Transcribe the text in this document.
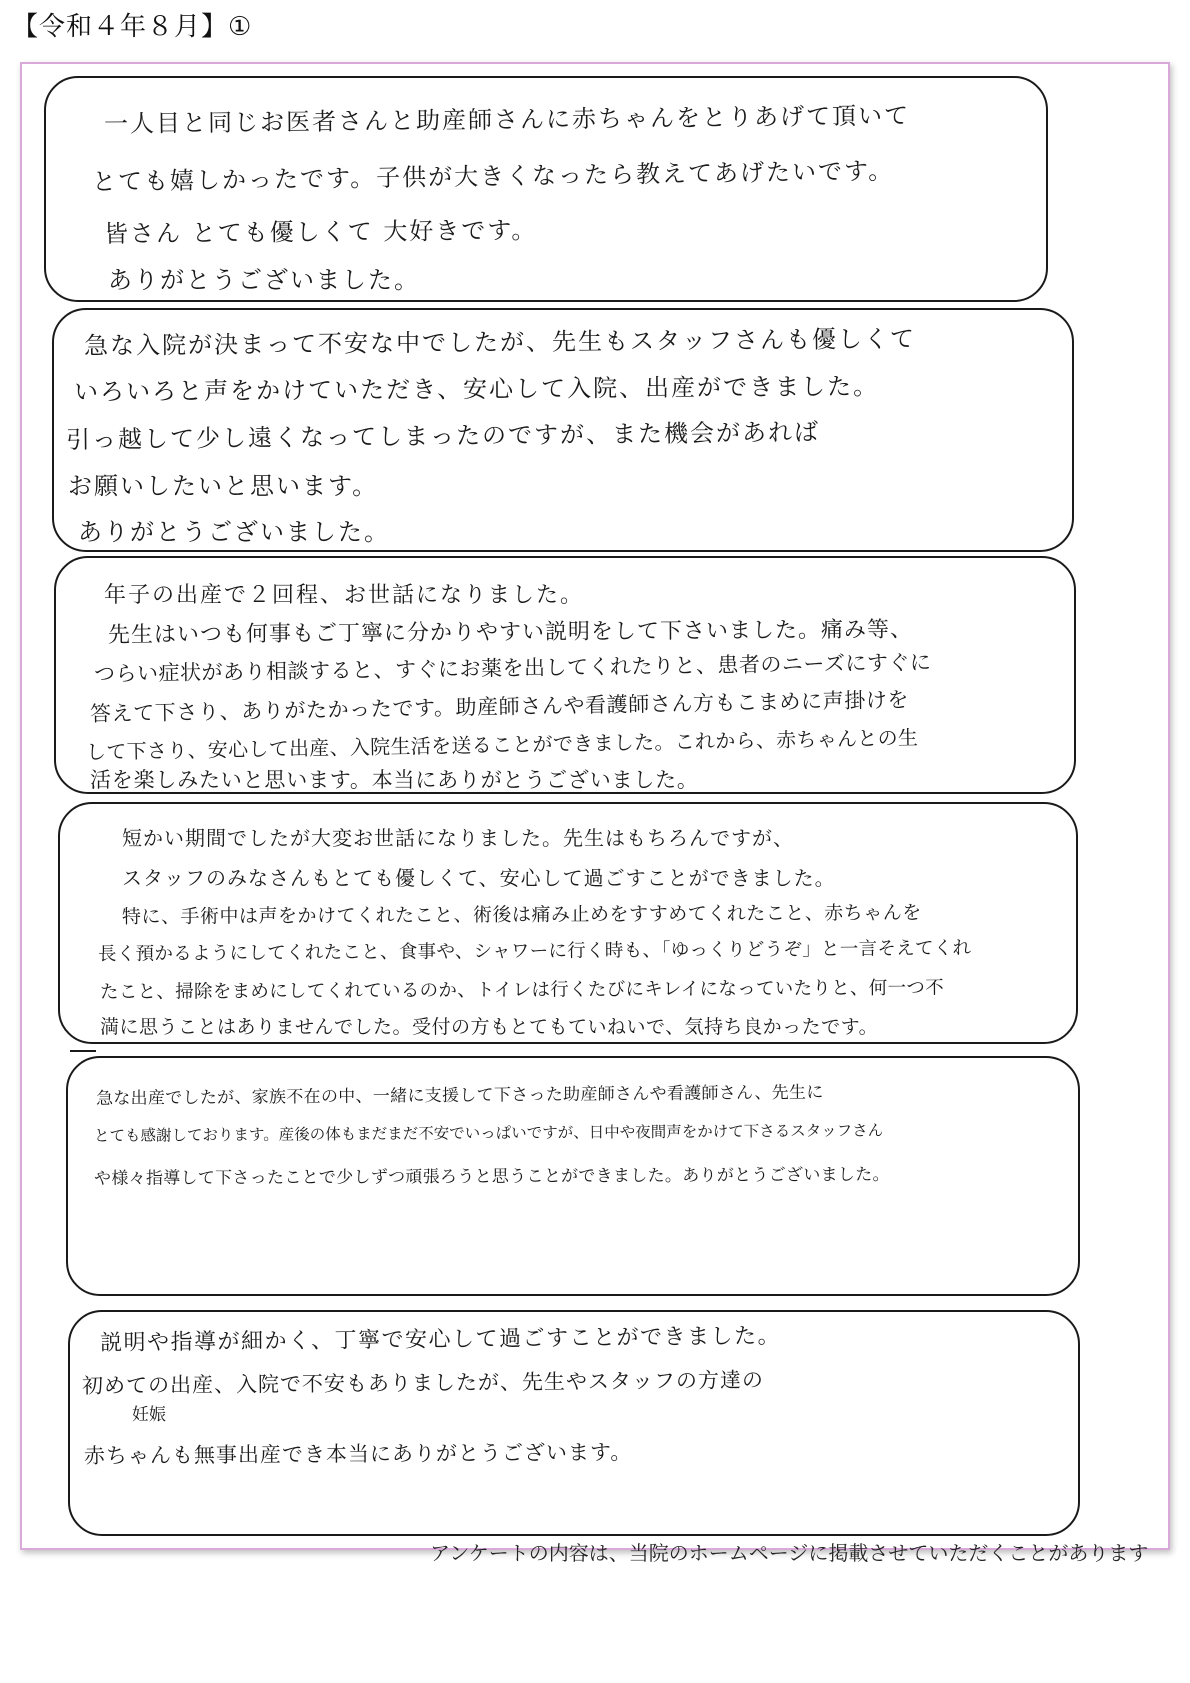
【令和４年８月】①
一人目と同じお医者さんと助産師さんに赤ちゃんをとりあげて頂いて
とても嬉しかったです。子供が大きくなったら教えてあげたいです。
皆さん とても優しくて 大好きです。
ありがとうございました。
急な入院が決まって不安な中でしたが、先生もスタッフさんも優しくて
いろいろと声をかけていただき、安心して入院、出産ができました。
引っ越して少し遠くなってしまったのですが、また機会があれば
お願いしたいと思います。
ありがとうございました。
年子の出産で２回程、お世話になりました。
先生はいつも何事もご丁寧に分かりやすい説明をして下さいました。痛み等、
つらい症状があり相談すると、すぐにお薬を出してくれたりと、患者のニーズにすぐに
答えて下さり、ありがたかったです。助産師さんや看護師さん方もこまめに声掛けを
して下さり、安心して出産、入院生活を送ることができました。これから、赤ちゃんとの生
活を楽しみたいと思います。本当にありがとうございました。
短かい期間でしたが大変お世話になりました。先生はもちろんですが、
スタッフのみなさんもとても優しくて、安心して過ごすことができました。
特に、手術中は声をかけてくれたこと、術後は痛み止めをすすめてくれたこと、赤ちゃんを
長く預かるようにしてくれたこと、食事や、シャワーに行く時も、「ゆっくりどうぞ」と一言そえてくれ
たこと、掃除をまめにしてくれているのか、トイレは行くたびにキレイになっていたりと、何一つ不
満に思うことはありませんでした。受付の方もとてもていねいで、気持ち良かったです。
急な出産でしたが、家族不在の中、一緒に支援して下さった助産師さんや看護師さん、先生に
とても感謝しております。産後の体もまだまだ不安でいっぱいですが、日中や夜間声をかけて下さるスタッフさん
や様々指導して下さったことで少しずつ頑張ろうと思うことができました。ありがとうございました。
説明や指導が細かく、丁寧で安心して過ごすことができました。
初めての出産、入院で不安もありましたが、先生やスタッフの方達の
妊娠
赤ちゃんも無事出産でき本当にありがとうございます。
アンケートの内容は、当院のホームページに掲載させていただくことがあります
